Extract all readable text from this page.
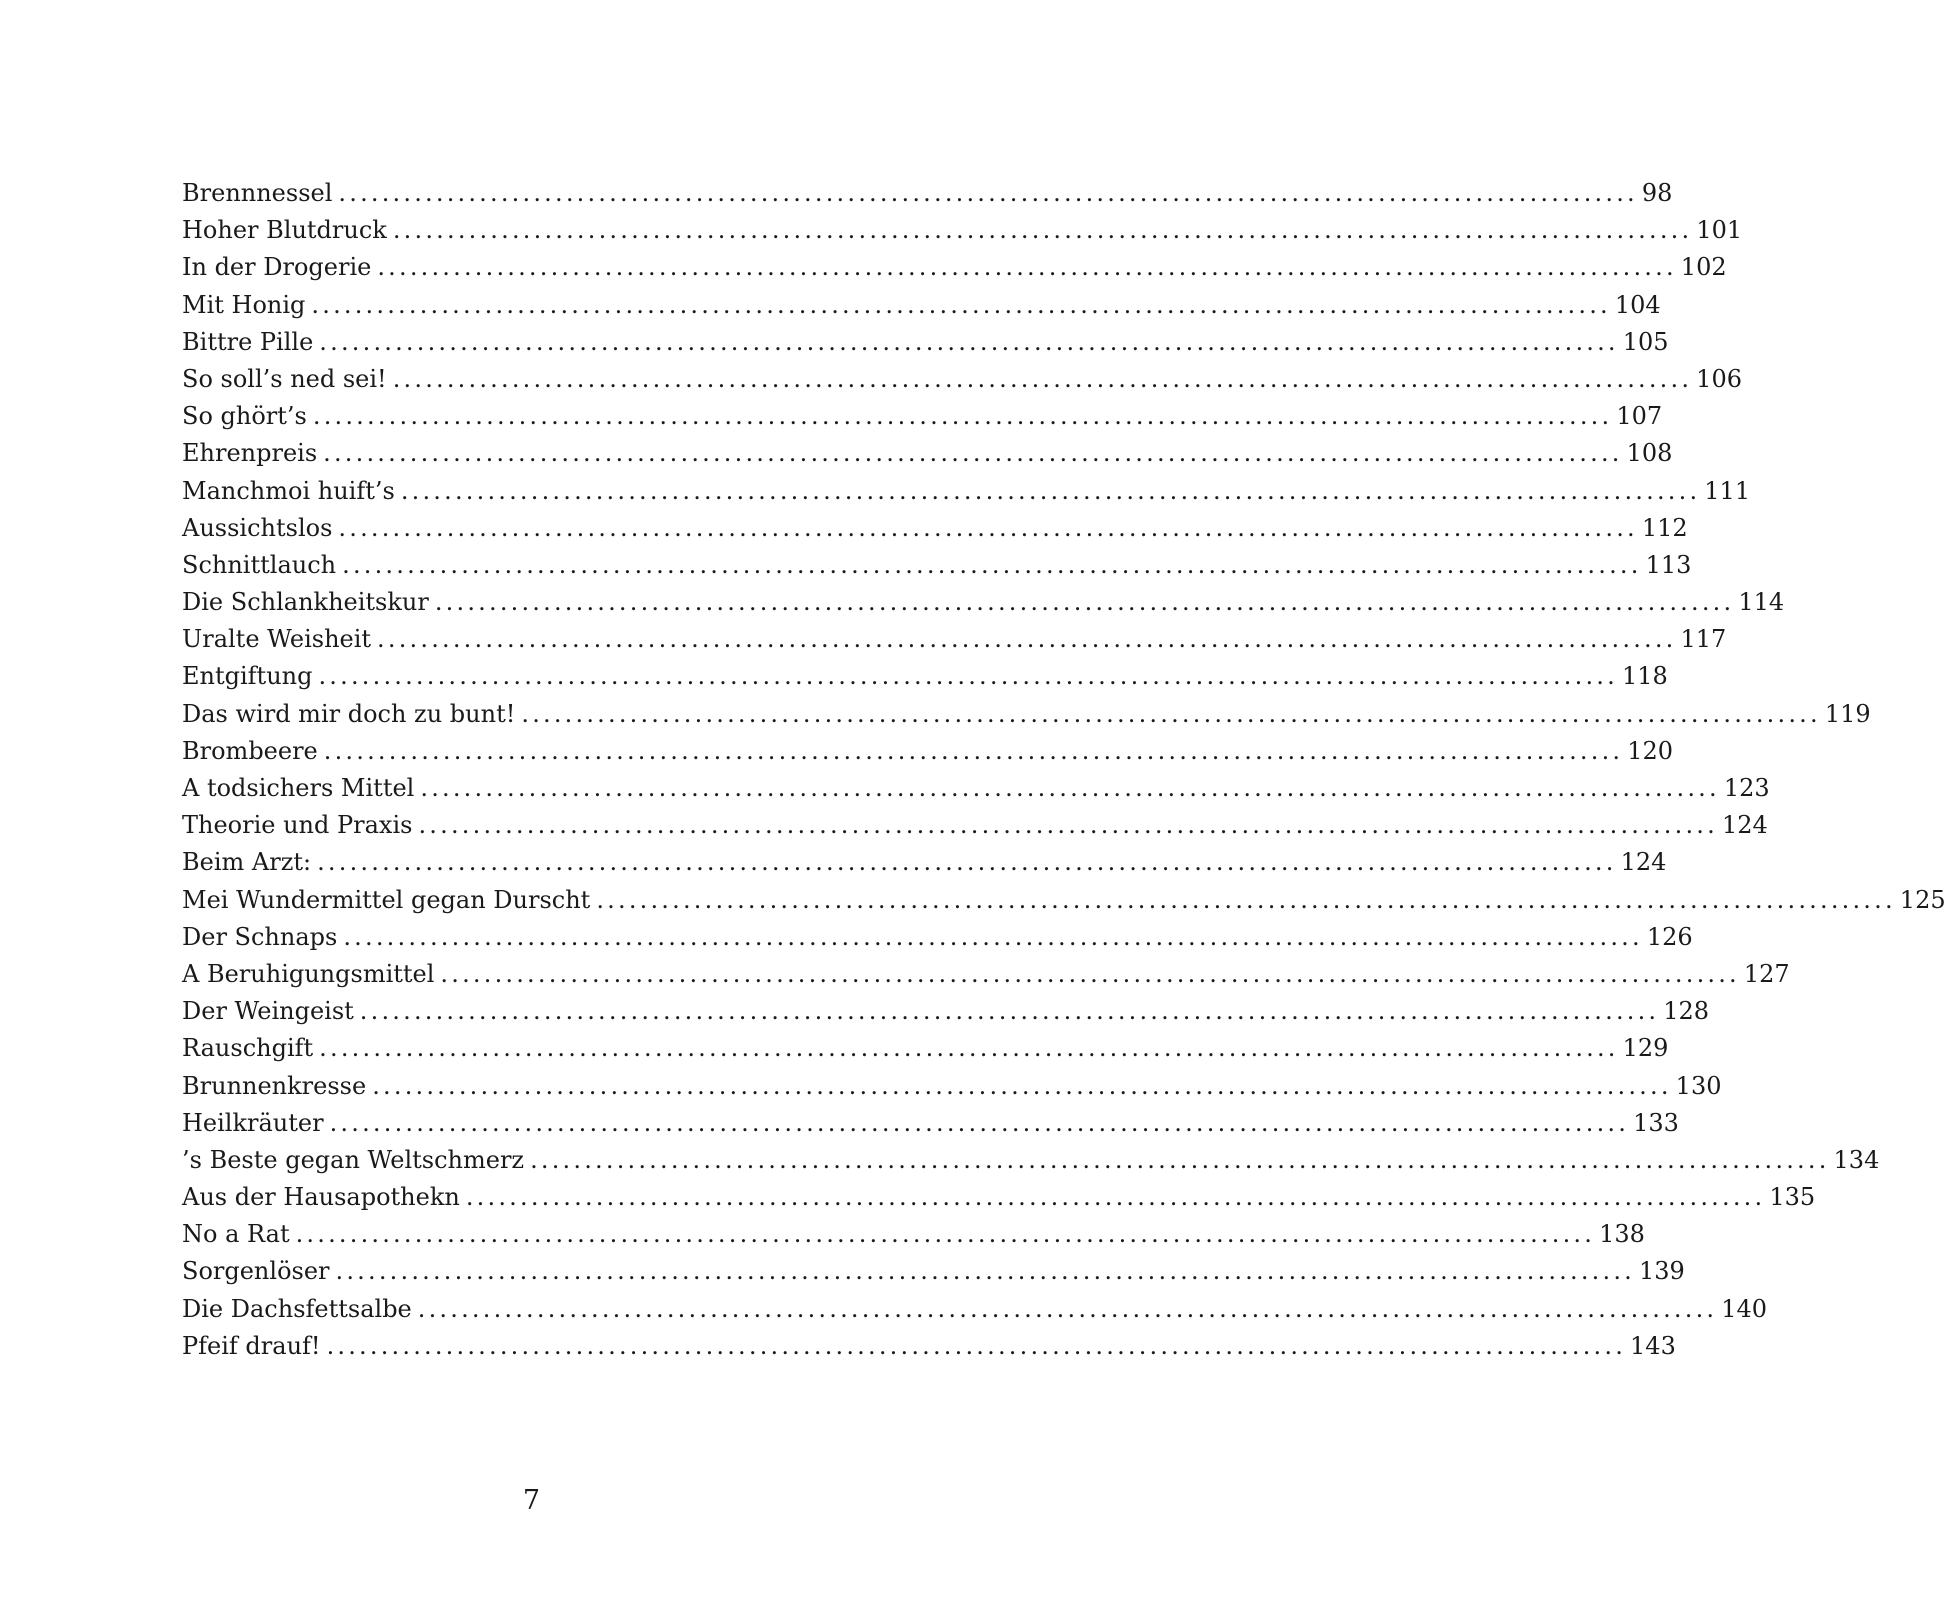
Brennnessel ........................................................................................................................ 98
Hoher Blutdruck ........................................................................................................................ 101
In der Drogerie ........................................................................................................................ 102
Mit Honig ........................................................................................................................ 104
Bittre Pille ........................................................................................................................ 105
So soll’s ned sei! ........................................................................................................................ 106
So ghört’s ........................................................................................................................ 107
Ehrenpreis ........................................................................................................................ 108
Manchmoi huift’s ........................................................................................................................ 111
Aussichtslos ........................................................................................................................ 112
Schnittlauch ........................................................................................................................ 113
Die Schlankheitskur ........................................................................................................................ 114
Uralte Weisheit ........................................................................................................................ 117
Entgiftung ........................................................................................................................ 118
Das wird mir doch zu bunt! ........................................................................................................................ 119
Brombeere ........................................................................................................................ 120
A todsichers Mittel ........................................................................................................................ 123
Theorie und Praxis ........................................................................................................................ 124
Beim Arzt: ........................................................................................................................ 124
Mei Wundermittel gegan Durscht ........................................................................................................................ 125
Der Schnaps ........................................................................................................................ 126
A Beruhigungsmittel ........................................................................................................................ 127
Der Weingeist ........................................................................................................................ 128
Rauschgift ........................................................................................................................ 129
Brunnenkresse ........................................................................................................................ 130
Heilkräuter ........................................................................................................................ 133
’s Beste gegan Weltschmerz ........................................................................................................................ 134
Aus der Hausapothekn ........................................................................................................................ 135
No a Rat ........................................................................................................................ 138
Sorgenlöser ........................................................................................................................ 139
Die Dachsfettsalbe ........................................................................................................................ 140
Pfeif drauf! ........................................................................................................................ 143
7
